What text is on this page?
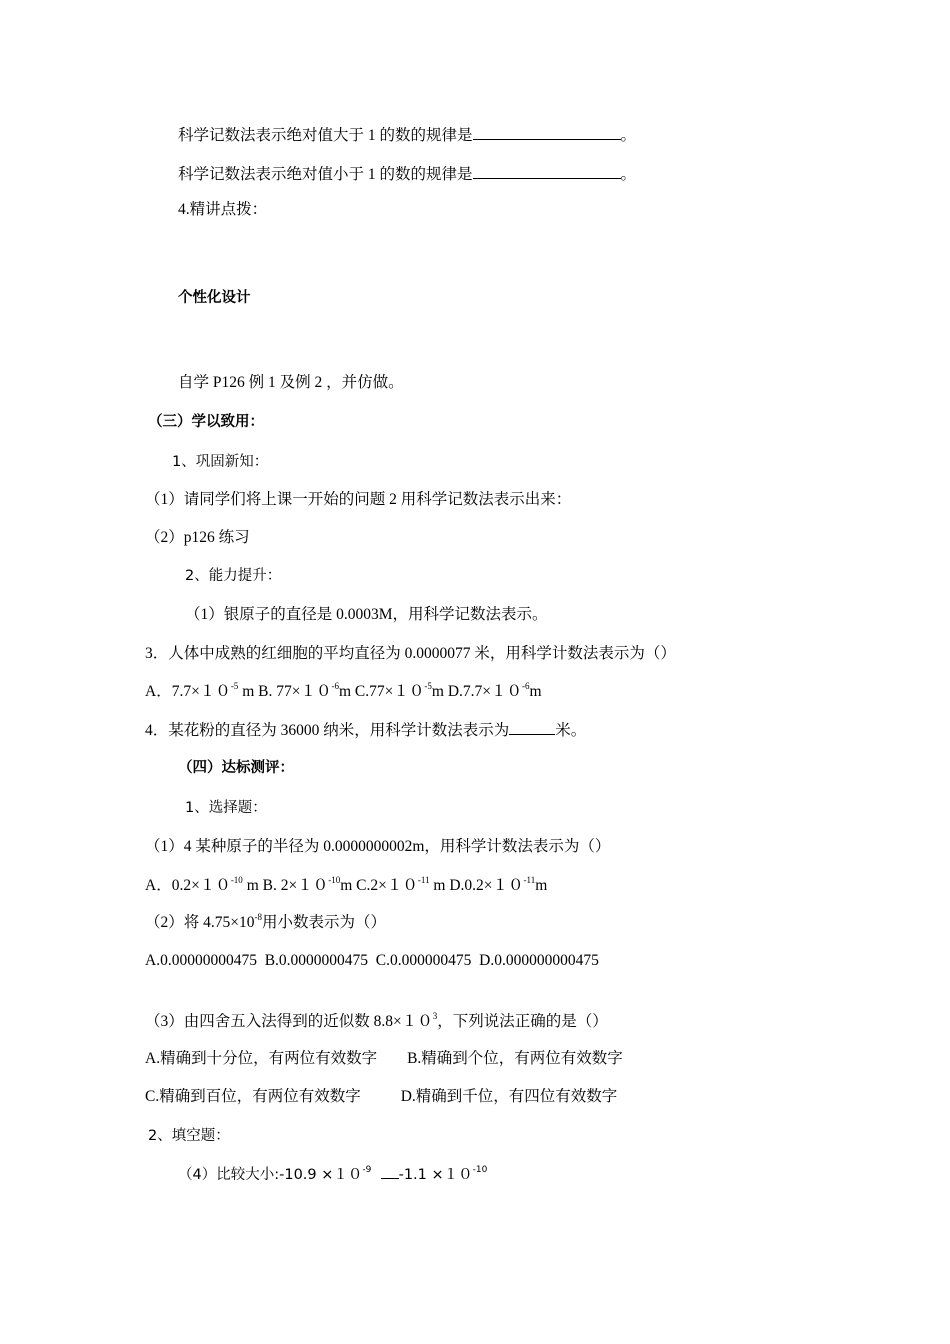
科学记数法表示绝对值大于 1 的数的规律是	。
科学记数法表示绝对值小于 1 的数的规律是	。
4.精讲点拨：
个性化设计
自学 P126 例 1 及例 2 ，并仿做。
（三）学以致用：
1、巩固新知：
（1）请同学们将上课一开始的问题 2 用科学记数法表示出来：
（2）p126 练习
2、能力提升：
（1）银原子的直径是 0.0003M，用科学记数法表示。
3．人体中成熟的红细胞的平均直径为 0.0000077 米，用科学计数法表示为（）
A．$7.7\times 10^{-5}$ m B. $77\times 10^{-6}m$ $C.77\times 10^{-5}m$ $D.7.7\times 10^{-6}m$
4．某花粉的直径为 36000 纳米，用科学计数法表示为	米。
（四）达标测评：
1、选择题：
（1）4 某种原子的半径为 0.0000000002m，用科学计数法表示为（）
A．$0.2\times 10^{-10}$ m B. $2\times 10^{-10}m$ $C.2\times 10^{-11}$ m $D.0.2\times 10^{-11}m$
（2）将 $4.75\times 10^{-8}$用小数表示为（）
A.0.00000000475 B.0.0000000475 C.0.000000475 D.0.000000000475
（3）由四舍五入法得到的近似数 $8.8\times 10^3$，下列说法正确的是（）
A.精确到十分位，有两位有效数字 B.精确到个位，有两位有效数字
C.精确到百位，有两位有效数字	D.精确到千位，有四位有效数字
2、填空题：
（4）比较大小:-10.9 $\times 10^{-9}$ $-1.1 \times 10^{-10}$
